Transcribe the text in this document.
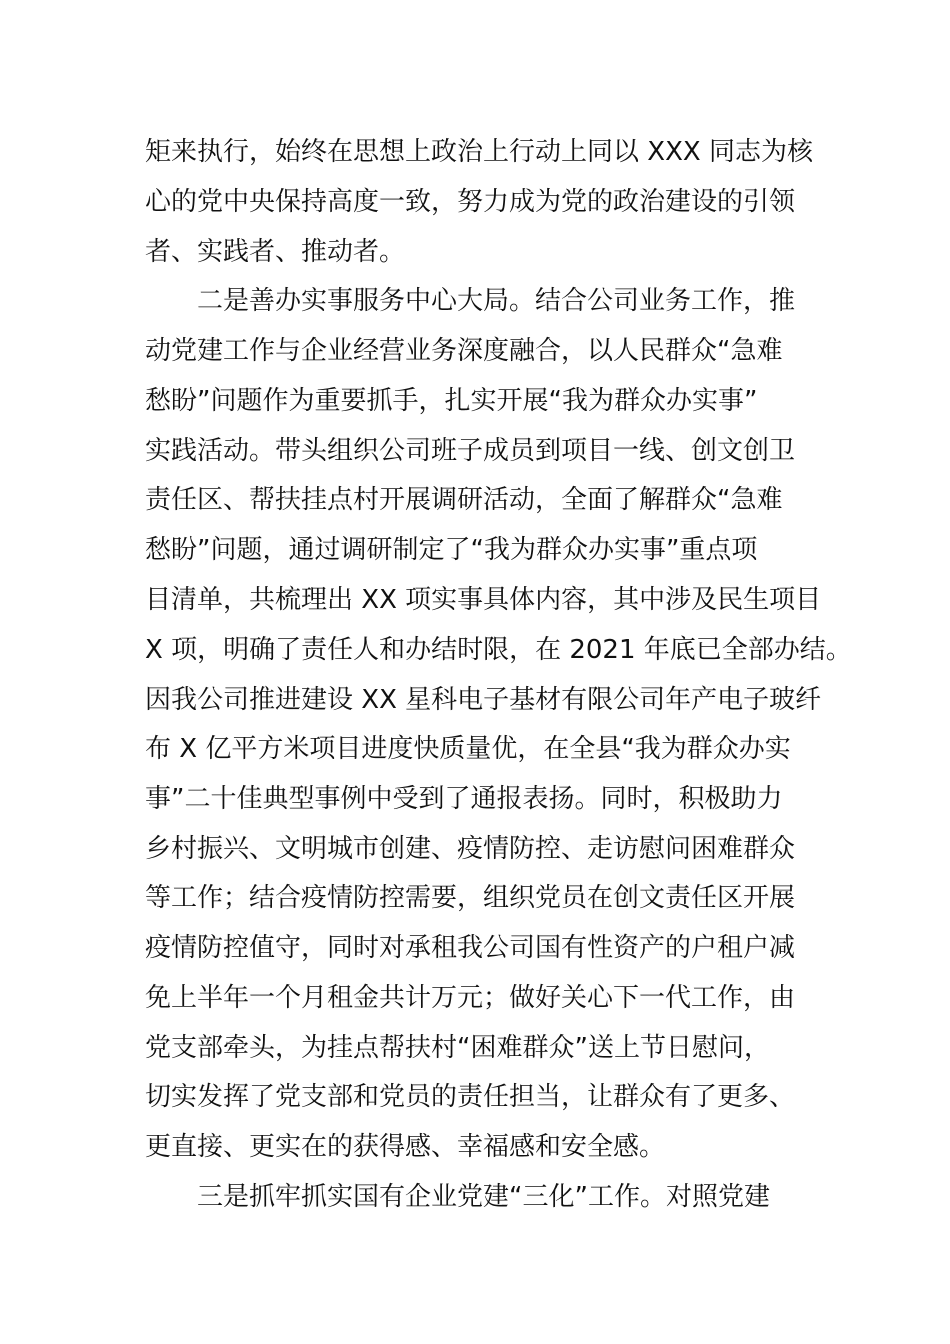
矩来执行，始终在思想上政治上行动上同以 XXX 同志为核
心的党中央保持高度一致，努力成为党的政治建设的引领
者、实践者、推动者。
二是善办实事服务中心大局。结合公司业务工作，推
动党建工作与企业经营业务深度融合，以人民群众“急难
愁盼”问题作为重要抓手，扎实开展“我为群众办实事”
实践活动。带头组织公司班子成员到项目一线、创文创卫
责任区、帮扶挂点村开展调研活动，全面了解群众“急难
愁盼”问题，通过调研制定了“我为群众办实事”重点项
目清单，共梳理出 XX 项实事具体内容，其中涉及民生项目
X 项，明确了责任人和办结时限，在 2021 年底已全部办结。
因我公司推进建设 XX 星科电子基材有限公司年产电子玻纤
布 X 亿平方米项目进度快质量优，在全县“我为群众办实
事”二十佳典型事例中受到了通报表扬。同时，积极助力
乡村振兴、文明城市创建、疫情防控、走访慰问困难群众
等工作；结合疫情防控需要，组织党员在创文责任区开展
疫情防控值守，同时对承租我公司国有性资产的户租户减
免上半年一个月租金共计万元；做好关心下一代工作，由
党支部牵头，为挂点帮扶村“困难群众”送上节日慰问，
切实发挥了党支部和党员的责任担当，让群众有了更多、
更直接、更实在的获得感、幸福感和安全感。
三是抓牢抓实国有企业党建“三化”工作。对照党建
